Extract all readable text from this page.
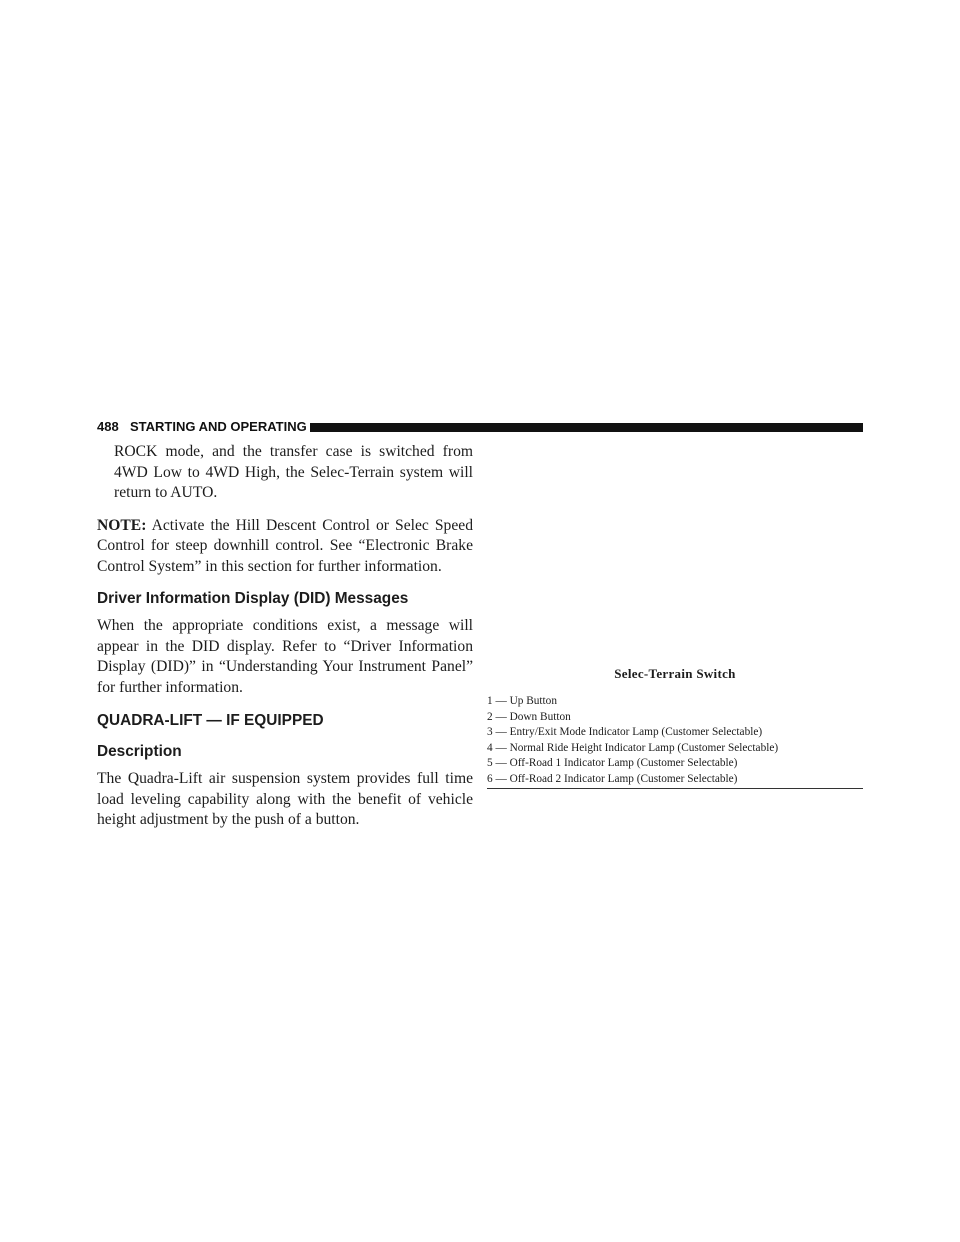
488 STARTING AND OPERATING

ROCK mode, and the transfer case is switched from 4WD Low to 4WD High, the Selec-Terrain system will return to AUTO.

NOTE: Activate the Hill Descent Control or Selec Speed Control for steep downhill control. See “Electronic Brake Control System” in this section for further information.

Driver Information Display (DID) Messages

When the appropriate conditions exist, a message will appear in the DID display. Refer to “Driver Information Display (DID)” in “Understanding Your Instrument Panel” for further information.

QUADRA-LIFT — IF EQUIPPED
Description

The Quadra-Lift air suspension system provides full time load leveling capability along with the benefit of vehicle height adjustment by the push of a button.

Selec-Terrain Switch
1 — Up Button
2 — Down Button
3 — Entry/Exit Mode Indicator Lamp (Customer Selectable)
4 — Normal Ride Height Indicator Lamp (Customer Selectable)
5 — Off-Road 1 Indicator Lamp (Customer Selectable)
6 — Off-Road 2 Indicator Lamp (Customer Selectable)
